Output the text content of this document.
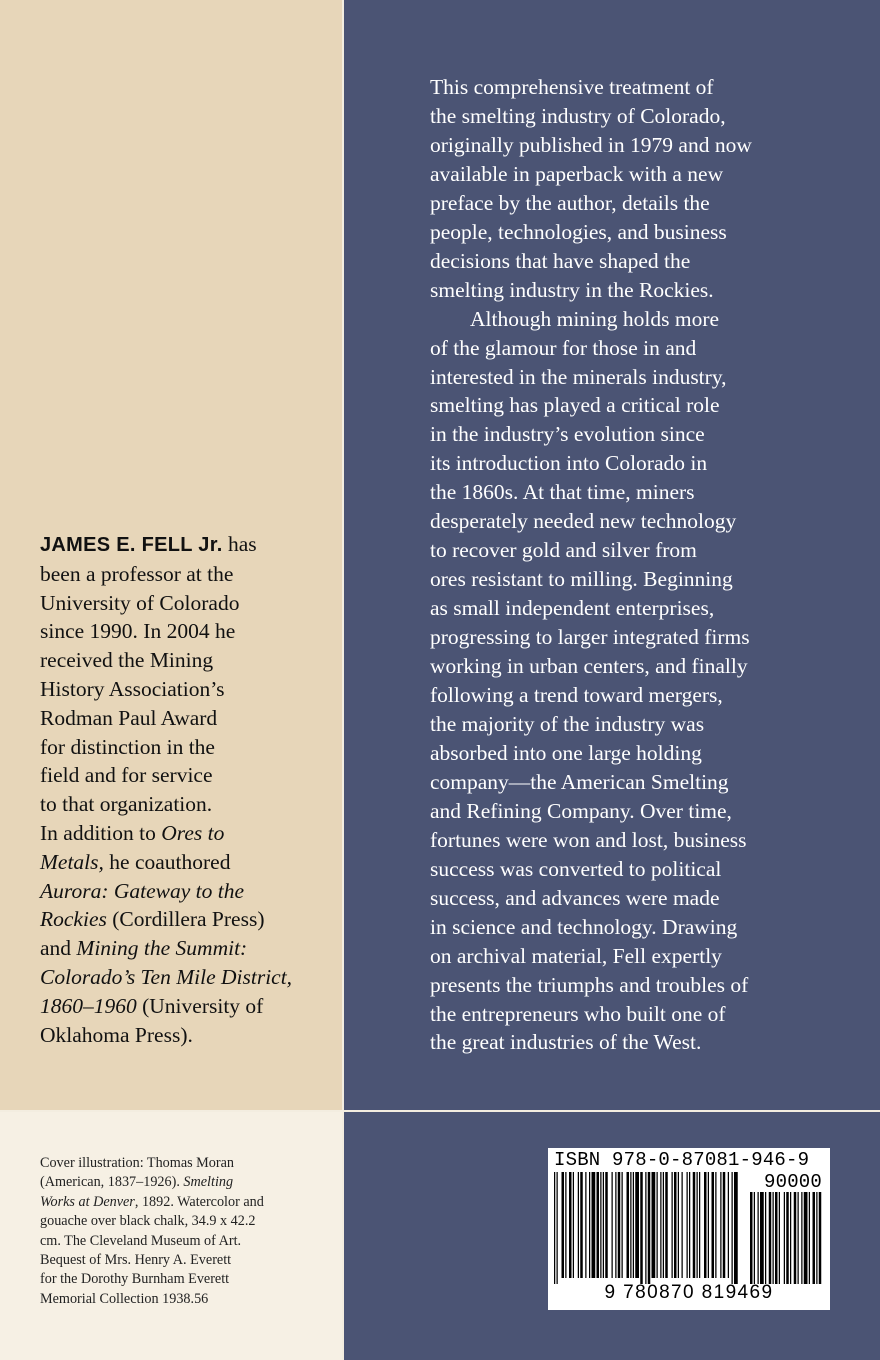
This comprehensive treatment of
the smelting industry of Colorado,
originally published in 1979 and now
available in paperback with a new
preface by the author, details the
people, technologies, and business
decisions that have shaped the
smelting industry in the Rockies.
Although mining holds more
of the glamour for those in and
interested in the minerals industry,
smelting has played a critical role
in the industry’s evolution since
its introduction into Colorado in
the 1860s. At that time, miners
desperately needed new technology
to recover gold and silver from
ores resistant to milling. Beginning
as small independent enterprises,
progressing to larger integrated firms
working in urban centers, and finally
following a trend toward mergers,
the majority of the industry was
absorbed into one large holding
company—the American Smelting
and Refining Company. Over time,
fortunes were won and lost, business
success was converted to political
success, and advances were made
in science and technology. Drawing
on archival material, Fell expertly
presents the triumphs and troubles of
the entrepreneurs who built one of
the great industries of the West.
JAMES E. FELL Jr. has
been a professor at the
University of Colorado
since 1990. In 2004 he
received the Mining
History Association’s
Rodman Paul Award
for distinction in the
field and for service
to that organization.
In addition to Ores to
Metals, he coauthored
Aurora: Gateway to the
Rockies (Cordillera Press)
and Mining the Summit:
Colorado’s Ten Mile District,
1860–1960 (University of
Oklahoma Press).
Cover illustration: Thomas Moran
(American, 1837–1926). Smelting
Works at Denver, 1892. Watercolor and
gouache over black chalk, 34.9 x 42.2
cm. The Cleveland Museum of Art.
Bequest of Mrs. Henry A. Everett
for the Dorothy Burnham Everett
Memorial Collection 1938.56
ISBN 978-0-87081-946-9
90000
9 780870 819469
